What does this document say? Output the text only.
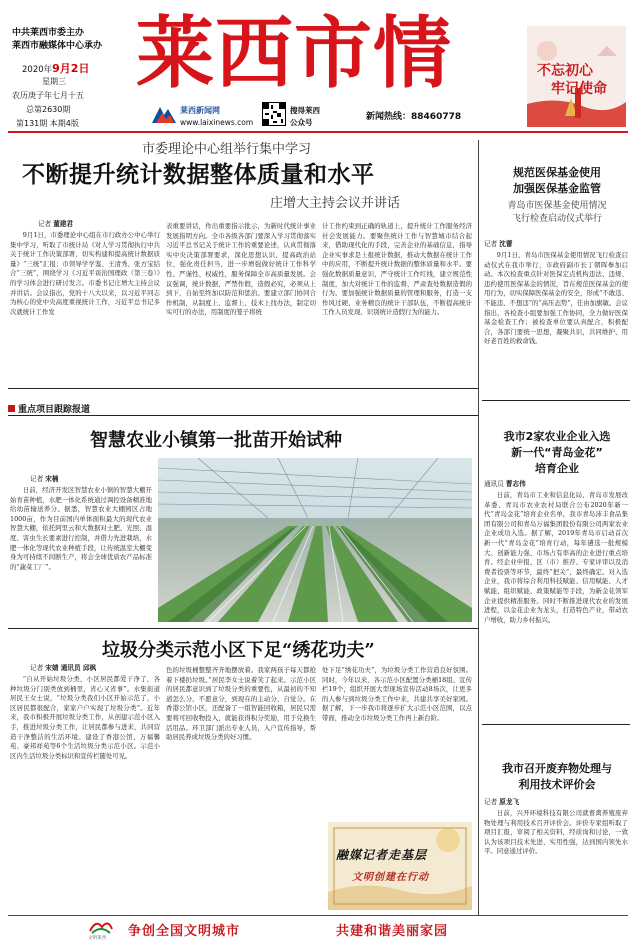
中共莱西市委主办
莱西市融媒体中心承办
2020年9月2日
星期三
农历庚子年七月十五
总第2630期
第131期 本期4版
莱西市情
莱西新闻网
www.laixinews.com
搜得莱西
公众号
新闻热线：88460778
不忘初心
牢记使命
市委理论中心组举行集中学习
不断提升统计数据整体质量和水平
庄增大主持会议并讲话
记者 董建君

9月1日，市委理论中心组在市行政办公中心举行集中学习，听取了市统计局《对人学习贯彻执行中共关于统计工作决策部署，切实构建和提高统计数据质量》“三统”汇报；市领导学学鉴、王清秀、张方宝结合“三统”，围绕学习《习近平谈治国理政（第三卷）》的学习体会进行研讨发言。市委书记庄增大主持会议并讲话。会议指出，党的十八大以来，以习近平同志为核心的党中央高度重视统计工作，习近平总书记多次就统计工作发

表重要讲话，作出重要指示批示，为新时代统计事业发展指明方向。全市各级各部门要深入学习贯彻落实习近平总书记关于统计工作的重要论述，认真贯彻落实中央决策部署要求，深化思想认识，提高政治站位，强化责任担当，进一步增强做好统计工作科学性、严谨性、权威性，服务保障全市高质量发展。会议强调，统计数据，严禁作假，造假必究，必须从上到下，自始至终加以防范和惩治。要建立部门协同合作机制，从制度上、监督上、技术上找办法，制定切实可行的办法，用制度的笼子将统

计工作约束到正确的轨道上，提升统计工作服务经济社会发展能力。要聚焦统计工作与智慧城市结合起来，借助现代化的手段，完善企业的基础信息，指导企业实事求是上报统计数据，推动大数据在统计工作中的应用，不断提升统计数据的整体质量和水平。要强化数据质量意识，严守统计工作红线，建立规范性制度，加大对统计工作的监督、严肃查处数据造假的行为。要加强统计数据质量的管理和服务，打造一支作风过硬、业务精良的统计干部队伍，不断提高统计工作人员发现、识别统计造假行为的能力。

规范医保基金使用
加强医保基金监管
青岛市医保基金使用情况
飞行检查启动仪式举行
记者 沈蕾

9月1日，青岛市医保基金使用情况飞行检查启动仪式在我市举行，市政府副市长丁朝晖参加启动。本次检查重点针对医保定点机构违法、违规、违约使用医保基金的情况，旨在规范医保基金的使用行为，切实保障医保基金的安全，形成“不敢违、不能违、不想违”的“高压态势”，任由加旗敏。会议指出，各检查小组要加强工作协同，全力做好医保基金检查工作；被检查单位要认真配合，积极配合，各部门要统一思想，凝聚共识，共同维护、用好老百姓的救命钱。

重点项目跟踪报道
智慧农业小镇第一批苗开始试种
记者 宋楠

日前，经济开发区智慧农业小镇的智慧大棚开始育苗种植，水肥一体化系统通过调控设备精准地给幼苗输送养分。据悉，智慧农业大棚园区占地1000亩，作为目前国内单体面积最大的现代农业智慧大棚，依托阿里云和大数据对土肥、光照、湿度、害虫生长要素进行控制，并借力先进栽培，水肥一体化等现代农业种植手段，让传统温室大棚变身为可持续不间断生产，将会全球优质农产品标准的“蔬菜工厂”。

我市2家农业企业入选
新一代“青岛金花”
培育企业
通讯员 曹志伟

日前，青岛市工业和信息化局、青岛市发展改革委、青岛市农业农村局联合公布2020年新一代“青岛金花”培育企业名单，我市青岛沛丰食品集团有限公司和青岛万福集团股份有限公司两家农业企业成功入选。据了解，2019年青岛市启动首次新一代“青岛金花”培育行动，每年遴选一批规模大、创新能力强、市场占有率高的企业进行重点培育。经企业申报、区（市）推荐、专家评审以及消费者投票等环节，最终“把关”，最终确定。对入选企业，我市将综合利用科技赋能、信用赋能、人才赋能、组织赋能、政策赋能等手段，为新金花领军企业提供精准服务。同时不断推进现代农业的发展进程，以金花企业为龙头，打造特色产业，带动农户增收，助力乡村振兴。

垃圾分类示范小区下足“绣花功夫”
记者 宋婧 通讯员 邱枫

“自从开始垃圾分类，小区居民都爱干净了，各种垃圾分门别类放到桶里，省心又省事”。水集街道居民王女士说，“垃圾分类我们小区开始示范了，小区居民都很配合，家家户户实现了垃圾分类”。近年来，我市积极开展垃圾分类工作，从创建示范小区入手，推进垃圾分类工作，让居民都参与进来，共同营造干净整洁的生活环境。建设了香港公馆、万福馨苑、豪邦祥苑等6个生活垃圾分类示范小区。示范小区内生活垃圾分类标识和宣传栏随处可见。

色的垃圾桶整整齐齐地摆放着。我家两孩子每天都抢着下楼扔垃圾。”居民李女士说着笑了起来。示范小区的居民都意识到了垃圾分类的重要性，从最初的不知道怎么分、不愿意分，到现在的主动分、自觉分。在香港公馆小区，还配备了一组智能回收箱，居民只需要将可回收物投入，就能获得积分奖励，用于兑换生活用品。环卫部门派出专业人员，入户宣传指导，帮助居民养成垃圾分类的好习惯。

处下足“绣花功夫”，为垃圾分类工作营造良好氛围。同时，今年以来，各示范小区配置分类桶18组、宣传栏19个，组织开展大型现场宣传活动8场次，让更多的人参与到垃圾分类工作中来，共建共享美好家园。据了解，下一步我市将逐步扩大示范小区范围，以点带面，推动全市垃圾分类工作再上新台阶。

融媒记者走基层
文明创建在行动
我市召开废弃物处理与
利用技术评价会
记者 原龙飞

日前，兴开环境科技有限公司就畜禽养殖废弃物处理与利用技术召开评价会。评价专家组听取了项目汇报，审阅了相关资料，经质询和讨论，一致认为该项目技术先进、实用性强，达到国内领先水平。同意通过评价。

文明莱西 争创全国文明城市	共建和谐美丽家园
